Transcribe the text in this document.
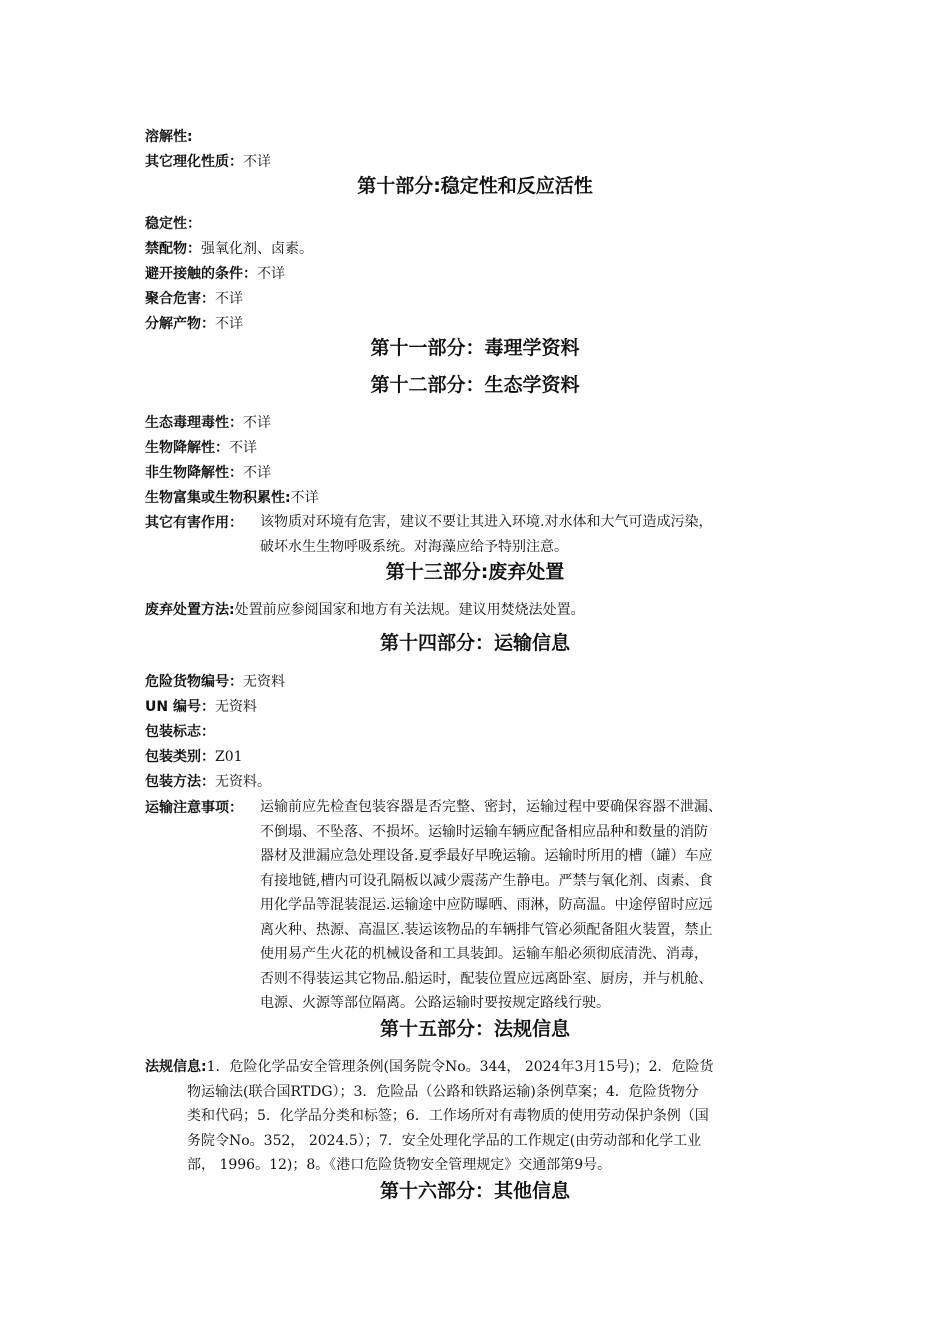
溶解性:
其它理化性质：不详
第十部分:稳定性和反应活性
稳定性：
禁配物：强氧化剂、卤素。
避开接触的条件：不详
聚合危害：不详
分解产物：不详
第十一部分：毒理学资料
第十二部分：生态学资料
生态毒理毒性：不详
生物降解性：不详
非生物降解性：不详
生物富集或生物积累性:不详
其它有害作用：	该物质对环境有危害，建议不要让其进入环境.对水体和大气可造成污染，
破坏水生生物呼吸系统。对海藻应给予特别注意。
第十三部分:废弃处置
废弃处置方法:处置前应参阅国家和地方有关法规。建议用焚烧法处置。
第十四部分：运输信息
危险货物编号：无资料
UN 编号：无资料
包装标志：
包装类别：Z01
包装方法：无资料。
运输注意事项：	运输前应先检查包装容器是否完整、密封，运输过程中要确保容器不泄漏、
不倒塌、不坠落、不损坏。运输时运输车辆应配备相应品种和数量的消防
器材及泄漏应急处理设备.夏季最好早晚运输。运输时所用的槽（罐）车应
有接地链,槽内可设孔隔板以减少震荡产生静电。严禁与氧化剂、卤素、食
用化学品等混装混运.运输途中应防曝晒、雨淋，防高温。中途停留时应远
离火种、热源、高温区.装运该物品的车辆排气管必须配备阻火装置，禁止
使用易产生火花的机械设备和工具装卸。运输车船必须彻底清洗、消毒，
否则不得装运其它物品.船运时，配装位置应远离卧室、厨房，并与机舱、
电源、火源等部位隔离。公路运输时要按规定路线行驶。
第十五部分：法规信息
法规信息:1．危险化学品安全管理条例(国务院令No。344， 2024年3月15号)；2．危险货
物运输法(联合国RTDG）；3．危险品（公路和铁路运输)条例草案；4．危险货物分
类和代码；5．化学品分类和标签；6．工作场所对有毒物质的使用劳动保护条例（国
务院令No。352， 2024.5）；7．安全处理化学品的工作规定(由劳动部和化学工业
部， 1996。12)；8。《港口危险货物安全管理规定》交通部第9号。
第十六部分：其他信息
